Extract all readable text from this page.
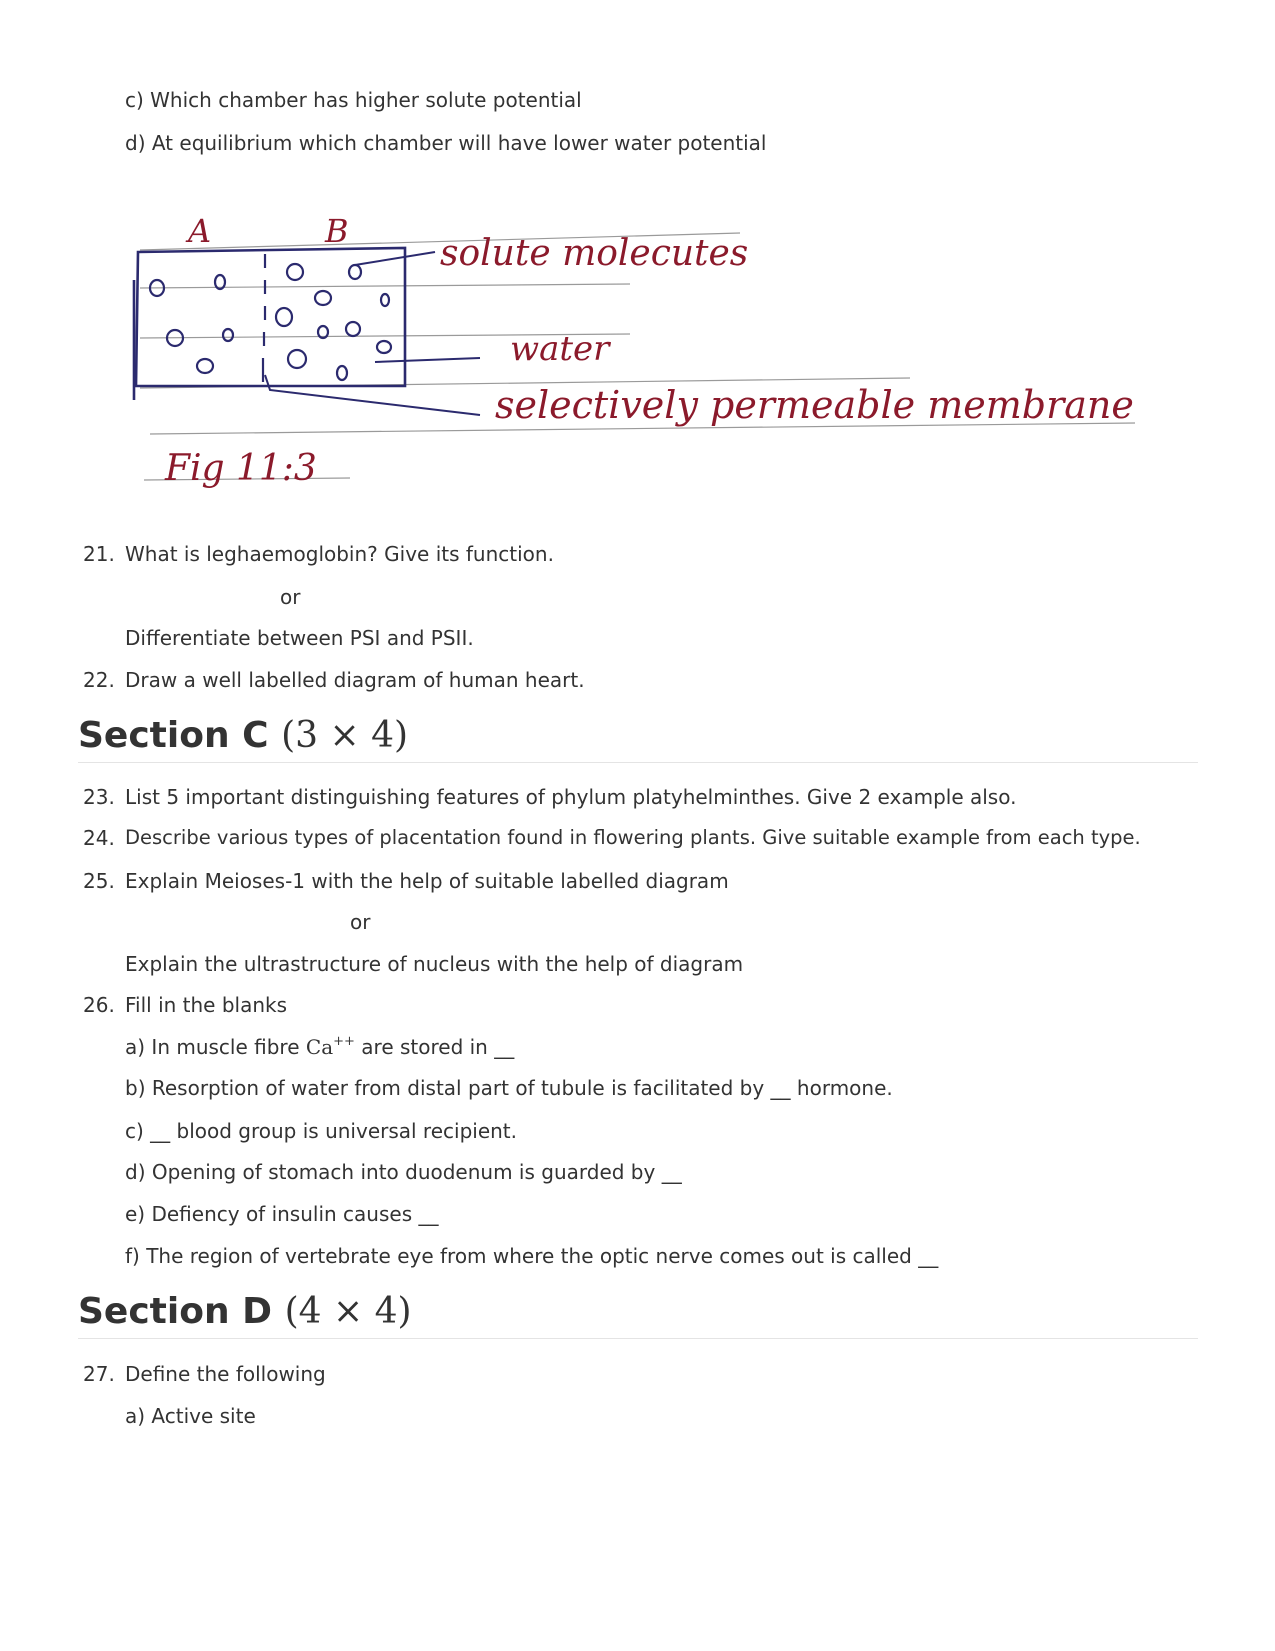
c) Which chamber has higher solute potential
d) At equilibrium which chamber will have lower water potential
A	B
solute molecutes
water
selectively permeable membrane
Fig 11:3
21. What is leghaemoglobin? Give its function.
or
Differentiate between PSI and PSII.
22. Draw a well labelled diagram of human heart.
Section C (3 × 4)
23. List 5 important distinguishing features of phylum platyhelminthes. Give 2 example also.
24. Describe various types of placentation found in flowering plants. Give suitable example from each type.
25. Explain Meioses-1 with the help of suitable labelled diagram
or
Explain the ultrastructure of nucleus with the help of diagram
26. Fill in the blanks
a) In muscle fibre Ca++ are stored in __
b) Resorption of water from distal part of tubule is facilitated by __ hormone.
c) __ blood group is universal recipient.
d) Opening of stomach into duodenum is guarded by __
e) Defiency of insulin causes __
f) The region of vertebrate eye from where the optic nerve comes out is called __
Section D (4 × 4)
27. Define the following
a) Active site
